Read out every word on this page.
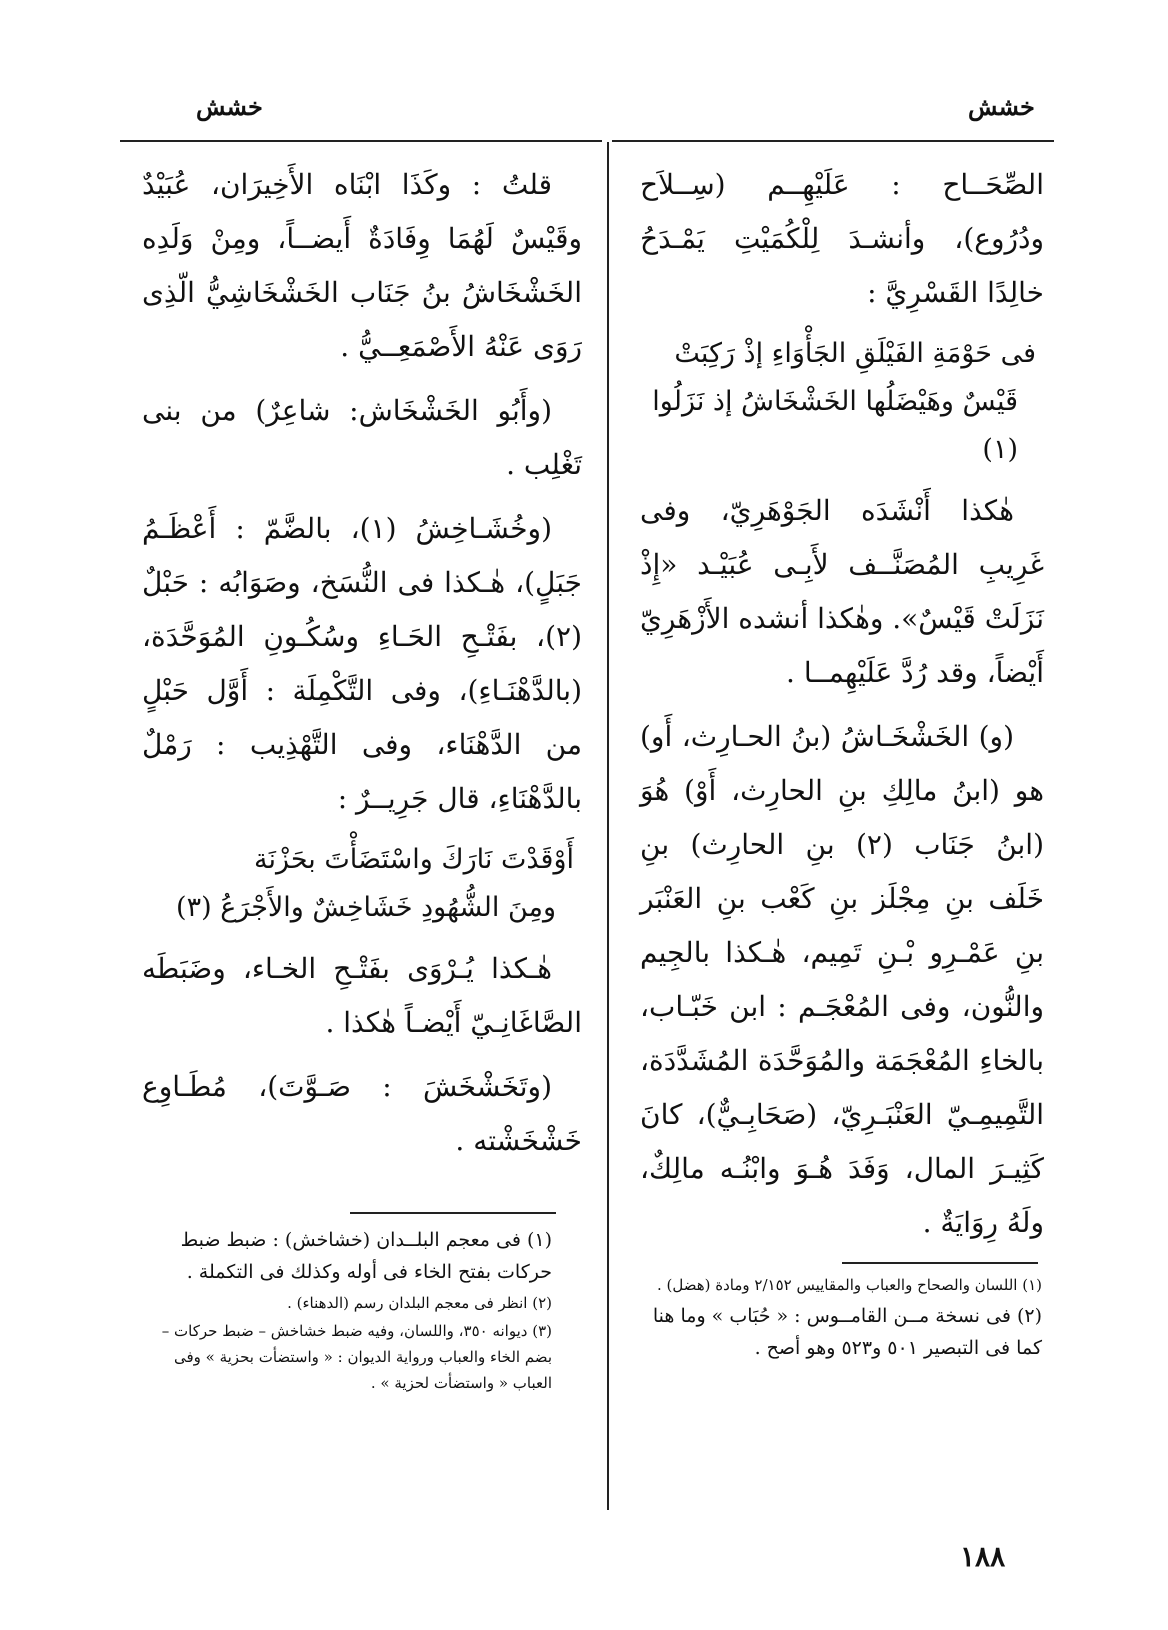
خشش
خشش

الصِّحَــاح : عَلَيْهِــم (سِــلاَح ودُرُوع)، وأنشـدَ لِلْكُمَيْتِ يَمْـدَحُ خالِدًا القَسْرِيَّ :

فى حَوْمَةِ الفَيْلَقِ الجَأْوَاءِ إذْ رَكِبَتْ
قَيْسٌ وهَيْضَلُها الخَشْخَاشُ إذ نَزَلُوا (١)

هٰكذا أَنْشَدَه الجَوْهَرِيّ، وفى غَرِيبِ المُصَنَّــف لأَبِـى عُبَيْـد «إِذْ نَزَلَتْ قَيْسٌ». وهٰكذا أنشده الأَزْهَرِيّ أَيْضاً، وقد رُدَّ عَلَيْهِمــا .

(و) الخَشْخَـاشُ (بنُ الحـارِث، أَو) هو (ابنُ مالِكِ بنِ الحارِث، أَوْ) هُوَ (ابنُ جَنَاب (٢) بنِ الحارِث) بنِ خَلَف بنِ مِجْلَز بنِ كَعْب بنِ العَنْبَر بنِ عَمْـرِو بْـنِ تَمِيم، هٰـكذا بالجِيم والنُّون، وفى المُعْجَـم : ابن خَبّـاب، بالخاءِ المُعْجَمَة والمُوَحَّدَة المُشَدَّدَة، التَّمِيمِـيّ العَنْبَـرِيّ، (صَحَابِـيٌّ)، كانَ كَثِيـرَ المال، وَفَدَ هُـوَ وابْنُـه مالِكٌ، ولَهُ رِوَايَةٌ .

(١) اللسان والصحاح والعباب والمقاييس ٢/١٥٢ ومادة (هضل) .

(٢) فى نسخة مــن القامــوس : « حُبَاب » وما هنا كما فى التبصير ٥٠١ و٥٢٣ وهو أصح .

قلتُ : وكَذَا ابْنَاه الأَخِيرَان، عُبَيْدٌ وقَيْسٌ لَهُمَا وِفَادَةٌ أَيضــاً، ومِنْ وَلَدِه الخَشْخَاشُ بنُ جَنَاب الخَشْخَاشِيُّ الّذِى رَوَى عَنْهُ الأَصْمَعِــيُّ .

(وأَبُو الخَشْخَاش: شاعِرٌ) من بنى تَغْلِب .

(وخُشَـاخِشُ (١)، بالضَّمّ : أَعْظَـمُ جَبَلٍ)، هٰـكذا فى النُّسَخ، وصَوَابُه : حَبْلٌ (٢)، بفَتْـحِ الحَـاءِ وسُكُـونِ المُوَحَّدَة، (بالدَّهْنَـاءِ)، وفى التَّكْمِلَة : أَوَّل حَبْلٍ من الدَّهْنَاء، وفى التَّهْذِيب : رَمْلٌ بالدَّهْنَاءِ، قال جَرِيــرٌ :

أَوْقَدْتَ نَارَكَ واسْتَضَأْتَ بحَزْنَة
ومِنَ الشُّهُودِ خَشَاخِشٌ والأَجْرَعُ (٣)

هٰـكذا يُـرْوَى بفَتْـحِ الخـاء، وضَبَطَه الصَّاغَانِـيّ أَيْضـاً هٰكذا .

(وتَخَشْخَشَ : صَـوَّتَ)، مُطَـاوِع خَشْخَشْته .

(١) فى معجم البلــدان (خشاخش) : ضبط ضبط حركات بفتح الخاء فى أوله وكذلك فى التكملة .

(٢) انظر فى معجم البلدان رسم (الدهناء) .

(٣) ديوانه ٣٥٠، واللسان، وفيه ضبط خشاخش – ضبط حركات – بضم الخاء والعباب ورواية الديوان : « واستضأت بحزية » وفى العباب « واستضأت لحزية » .

١٨٨
